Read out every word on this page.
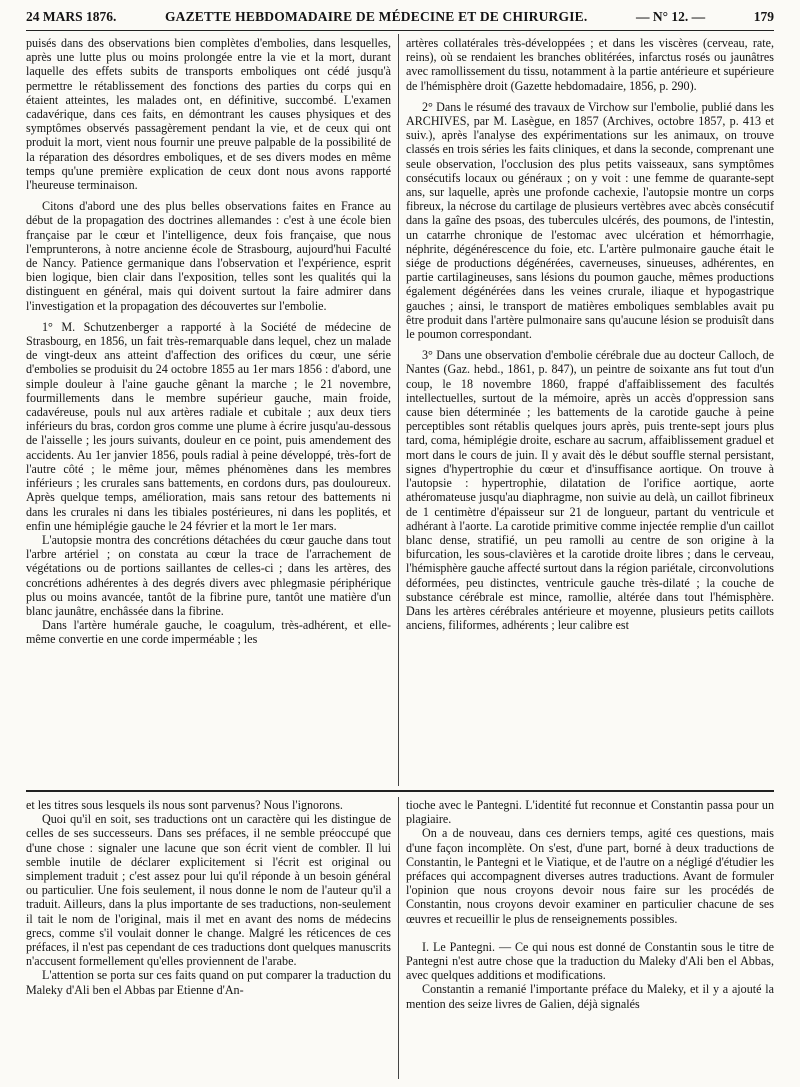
24 MARS 1876.	GAZETTE HEBDOMADAIRE DE MÉDECINE ET DE CHIRURGIE.	— N° 12. —	179

puisés dans des observations bien complètes d'embolies, dans lesquelles, après une lutte plus ou moins prolongée entre la vie et la mort, durant laquelle des effets subits de transports emboliques ont cédé jusqu'à permettre le rétablissement des fonctions des parties du corps qui en étaient atteintes, les malades ont, en définitive, succombé. L'examen cadavérique, dans ces faits, en démontrant les causes physiques et des symptômes observés passagèrement pendant la vie, et de ceux qui ont produit la mort, vient nous fournir une preuve palpable de la possibilité de la réparation des désordres emboliques, et de ses divers modes en même temps qu'une première explication de ceux dont nous avons rapporté l'heureuse terminaison.

Citons d'abord une des plus belles observations faites en France au début de la propagation des doctrines allemandes : c'est à une école bien française par le cœur et l'intelligence, deux fois française, que nous l'emprunterons, à notre ancienne école de Strasbourg, aujourd'hui Faculté de Nancy. Patience germanique dans l'observation et l'expérience, esprit bien logique, bien clair dans l'exposition, telles sont les qualités qui la distinguent en général, mais qui doivent surtout la faire admirer dans l'investigation et la propagation des découvertes sur l'embolie.

1° M. Schutzenberger a rapporté à la Société de médecine de Strasbourg, en 1856, un fait très-remarquable dans lequel, chez un malade de vingt-deux ans atteint d'affection des orifices du cœur, une série d'embolies se produisit du 24 octobre 1855 au 1er mars 1856 : d'abord, une simple douleur à l'aine gauche gênant la marche ; le 21 novembre, fourmillements dans le membre supérieur gauche, main froide, cadavéreuse, pouls nul aux artères radiale et cubitale ; aux deux tiers inférieurs du bras, cordon gros comme une plume à écrire jusqu'au-dessous de l'aisselle ; les jours suivants, douleur en ce point, puis amendement des accidents. Au 1er janvier 1856, pouls radial à peine développé, très-fort de l'autre côté ; le même jour, mêmes phénomènes dans les membres inférieurs ; les crurales sans battements, en cordons durs, pas douloureux. Après quelque temps, amélioration, mais sans retour des battements ni dans les crurales ni dans les tibiales postérieures, ni dans les poplités, et enfin une hémiplégie gauche le 24 février et la mort le 1er mars.

L'autopsie montra des concrétions détachées du cœur gauche dans tout l'arbre artériel ; on constata au cœur la trace de l'arrachement de végétations ou de portions saillantes de celles-ci ; dans les artères, des concrétions adhérentes à des degrés divers avec phlegmasie périphérique plus ou moins avancée, tantôt de la fibrine pure, tantôt une matière d'un blanc jaunâtre, enchâssée dans la fibrine.

Dans l'artère humérale gauche, le coagulum, très-adhérent, et elle-même convertie en une corde imperméable ; les

artères collatérales très-développées ; et dans les viscères (cerveau, rate, reins), où se rendaient les branches oblitérées, infarctus rosés ou jaunâtres avec ramollissement du tissu, notamment à la partie antérieure et supérieure de l'hémisphère droit (Gazette hebdomadaire, 1856, p. 290).

2° Dans le résumé des travaux de Virchow sur l'embolie, publié dans les ARCHIVES, par M. Lasègue, en 1857 (Archives, octobre 1857, p. 413 et suiv.), après l'analyse des expérimentations sur les animaux, on trouve classés en trois séries les faits cliniques, et dans la seconde, comprenant une seule observation, l'occlusion des plus petits vaisseaux, sans symptômes consécutifs locaux ou généraux ; on y voit : une femme de quarante-sept ans, sur laquelle, après une profonde cachexie, l'autopsie montre un corps fibreux, la nécrose du cartilage de plusieurs vertèbres avec abcès consécutif dans la gaîne des psoas, des tubercules ulcérés, des poumons, de l'intestin, un catarrhe chronique de l'estomac avec ulcération et hémorrhagie, néphrite, dégénérescence du foie, etc. L'artère pulmonaire gauche était le siége de productions dégénérées, caverneuses, sinueuses, adhérentes, en partie cartilagineuses, sans lésions du poumon gauche, mêmes productions également dégénérées dans les veines crurale, iliaque et hypogastrique gauches ; ainsi, le transport de matières emboliques semblables avait pu être produit dans l'artère pulmonaire sans qu'aucune lésion se produisît dans le poumon correspondant.

3° Dans une observation d'embolie cérébrale due au docteur Calloch, de Nantes (Gaz. hebd., 1861, p. 847), un peintre de soixante ans fut tout d'un coup, le 18 novembre 1860, frappé d'affaiblissement des facultés intellectuelles, surtout de la mémoire, après un accès d'oppression sans cause bien déterminée ; les battements de la carotide gauche à peine perceptibles sont rétablis quelques jours après, puis trente-sept jours plus tard, coma, hémiplégie droite, eschare au sacrum, affaiblissement graduel et mort dans le cours de juin. Il y avait dès le début souffle sternal persistant, signes d'hypertrophie du cœur et d'insuffisance aortique. On trouve à l'autopsie : hypertrophie, dilatation de l'orifice aortique, aorte athéromateuse jusqu'au diaphragme, non suivie au delà, un caillot fibrineux de 1 centimètre d'épaisseur sur 21 de longueur, partant du ventricule et adhérant à l'aorte. La carotide primitive comme injectée remplie d'un caillot blanc dense, stratifié, un peu ramolli au centre de son origine à la bifurcation, les sous-clavières et la carotide droite libres ; dans le cerveau, l'hémisphère gauche affecté surtout dans la région pariétale, circonvolutions déformées, peu distinctes, ventricule gauche très-dilaté ; la couche de substance cérébrale est mince, ramollie, altérée dans tout l'hémisphère. Dans les artères cérébrales antérieure et moyenne, plusieurs petits caillots anciens, filiformes, adhérents ; leur calibre est

et les titres sous lesquels ils nous sont parvenus? Nous l'ignorons.

Quoi qu'il en soit, ses traductions ont un caractère qui les distingue de celles de ses successeurs. Dans ses préfaces, il ne semble préoccupé que d'une chose : signaler une lacune que son écrit vient de combler. Il lui semble inutile de déclarer explicitement si l'écrit est original ou simplement traduit ; c'est assez pour lui qu'il réponde à un besoin général ou particulier. Une fois seulement, il nous donne le nom de l'auteur qu'il a traduit. Ailleurs, dans la plus importante de ses traductions, non-seulement il tait le nom de l'original, mais il met en avant des noms de médecins grecs, comme s'il voulait donner le change. Malgré les réticences de ces préfaces, il n'est pas cependant de ces traductions dont quelques manuscrits n'accusent formellement qu'elles proviennent de l'arabe.

L'attention se porta sur ces faits quand on put comparer la traduction du Maleky d'Ali ben el Abbas par Etienne d'An-

tioche avec le Pantegni. L'identité fut reconnue et Constantin passa pour un plagiaire.

On a de nouveau, dans ces derniers temps, agité ces questions, mais d'une façon incomplète. On s'est, d'une part, borné à deux traductions de Constantin, le Pantegni et le Viatique, et de l'autre on a négligé d'étudier les préfaces qui accompagnent diverses autres traductions. Avant de formuler l'opinion que nous croyons devoir nous faire sur les procédés de Constantin, nous croyons devoir examiner en particulier chacune de ses œuvres et recueillir le plus de renseignements possibles.

I. Le Pantegni. — Ce qui nous est donné de Constantin sous le titre de Pantegni n'est autre chose que la traduction du Maleky d'Ali ben el Abbas, avec quelques additions et modifications.

Constantin a remanié l'importante préface du Maleky, et il y a ajouté la mention des seize livres de Galien, déjà signalés
